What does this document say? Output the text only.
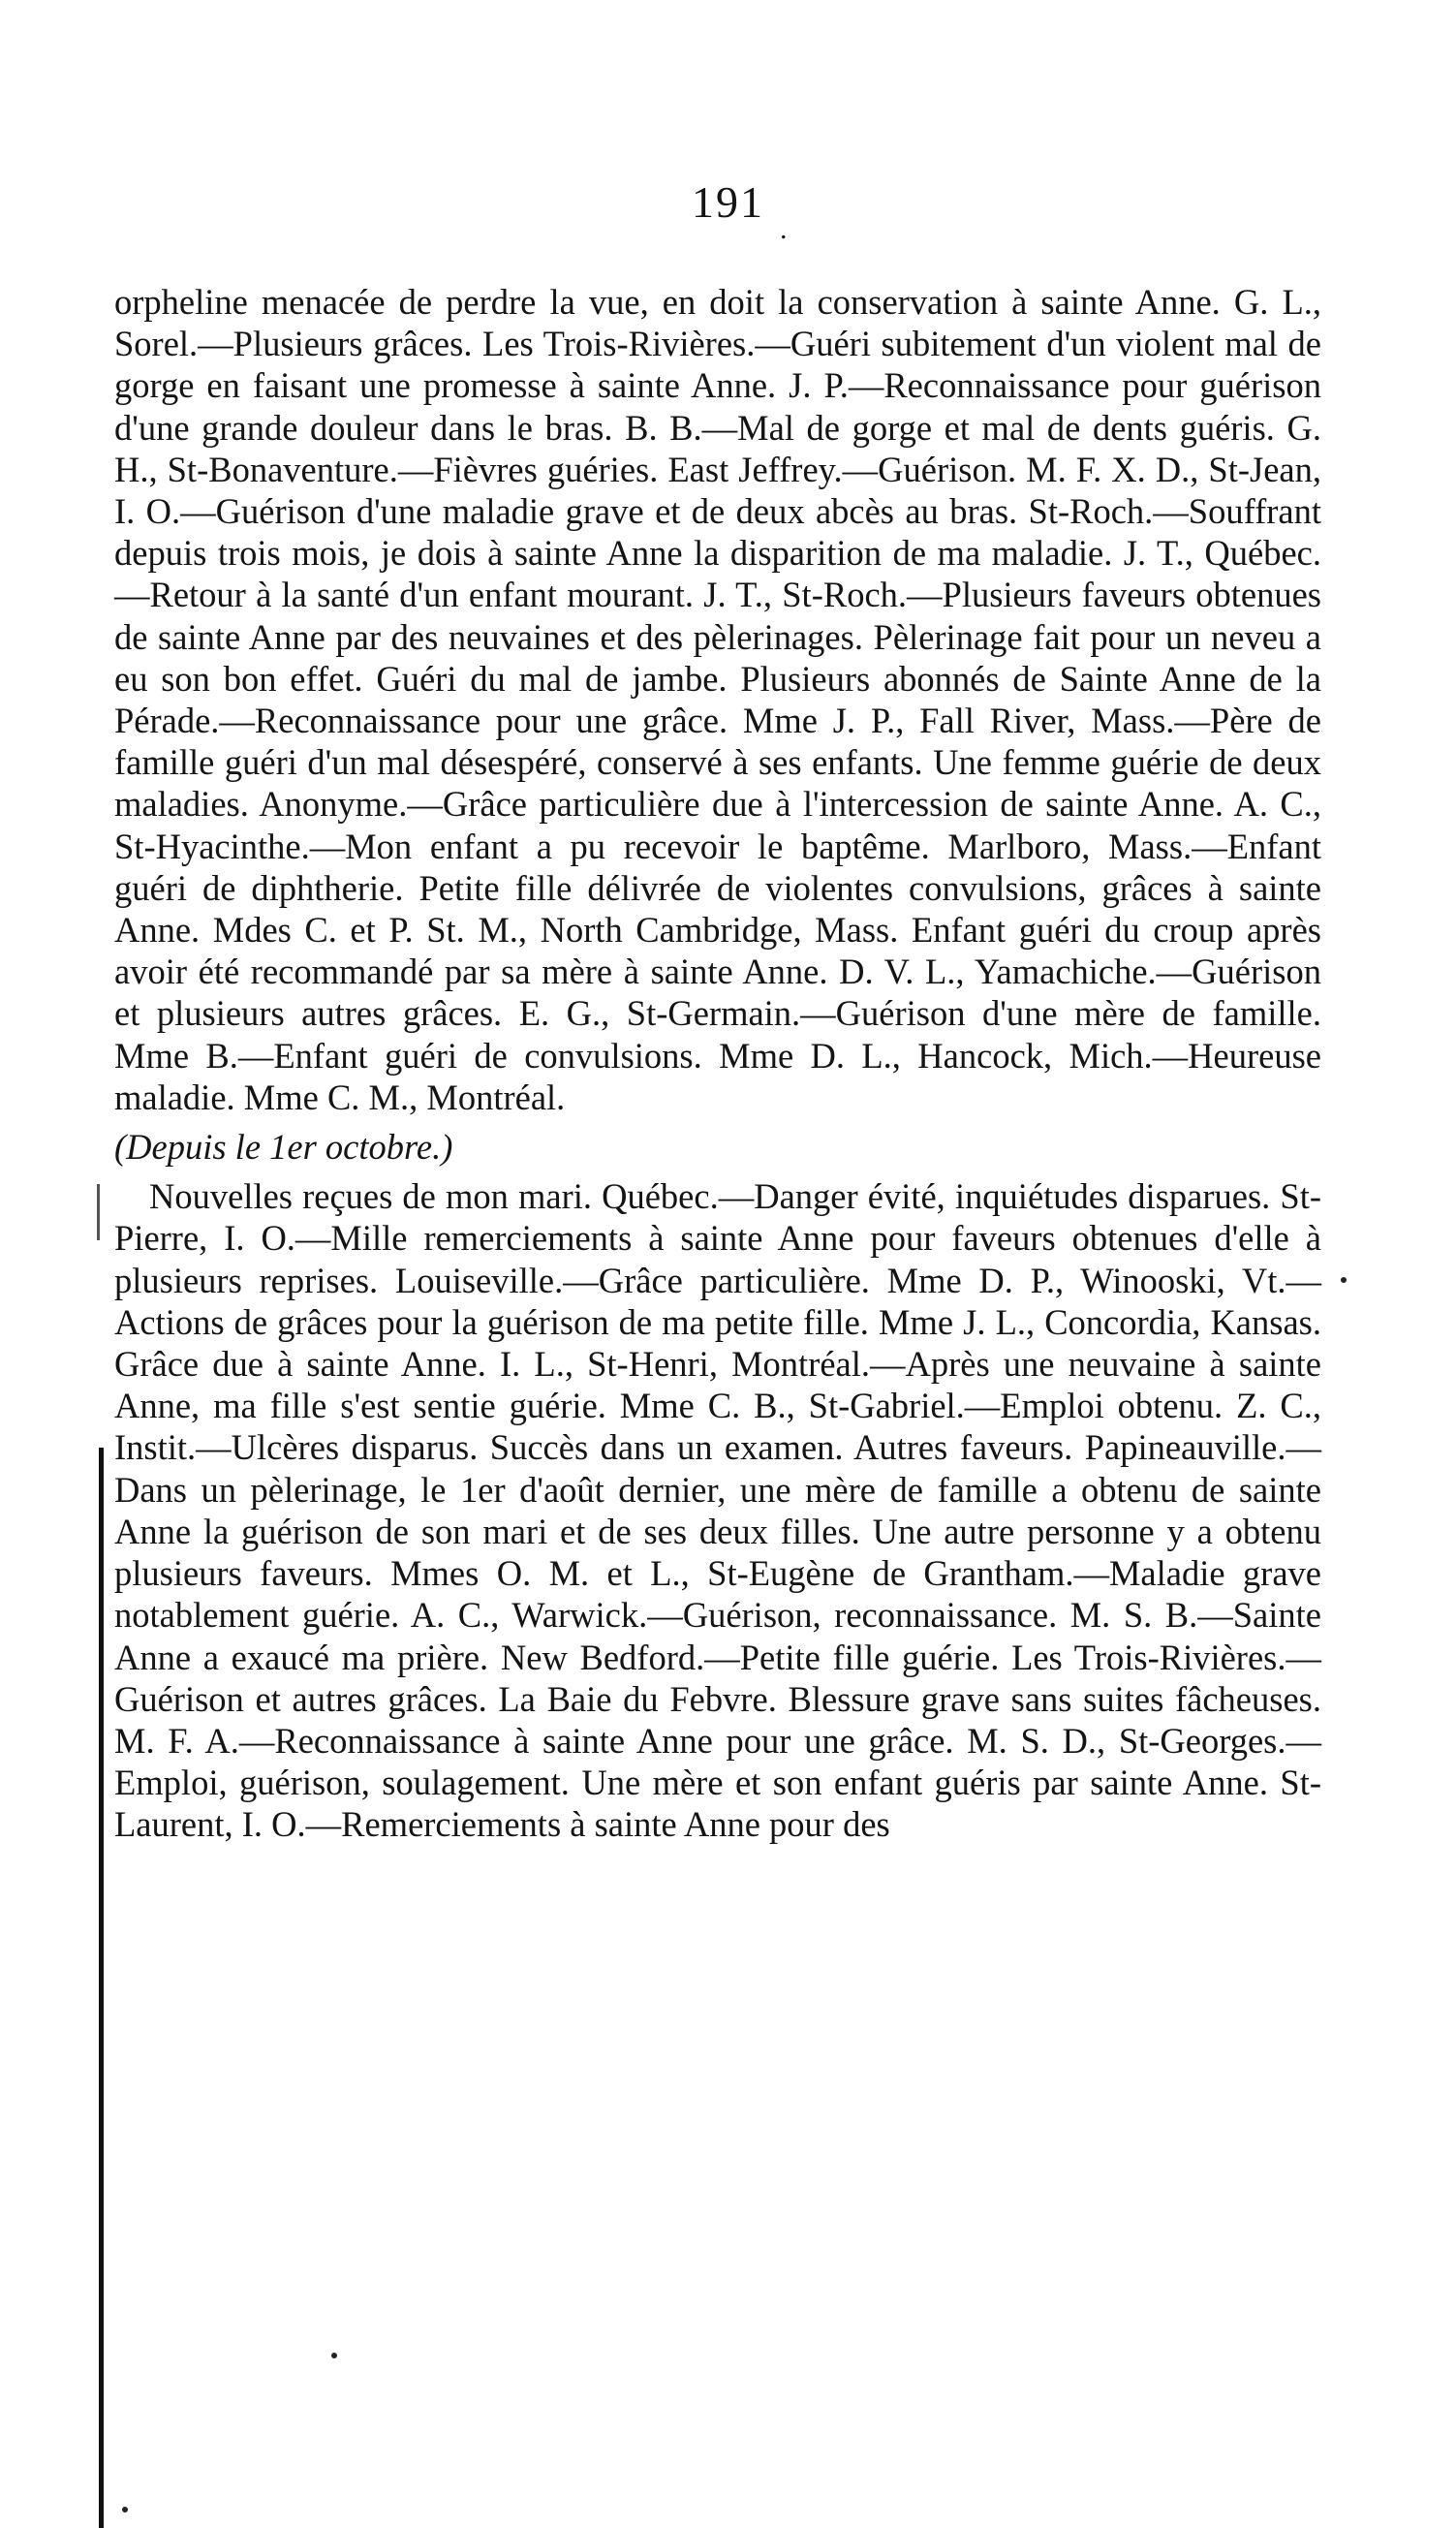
191
.

orpheline menacée de perdre la vue, en doit la conservation à sainte Anne. G. L., Sorel.—Plusieurs grâces. Les Trois-Rivières.—Guéri subitement d'un violent mal de gorge en faisant une promesse à sainte Anne. J. P.—Reconnaissance pour guérison d'une grande douleur dans le bras. B. B.—Mal de gorge et mal de dents guéris. G. H., St-Bonaventure.—Fièvres guéries. East Jeffrey.—Guérison. M. F. X. D., St-Jean, I. O.—Guérison d'une maladie grave et de deux abcès au bras. St-Roch.—Souffrant depuis trois mois, je dois à sainte Anne la disparition de ma maladie. J. T., Québec.—Retour à la santé d'un enfant mourant. J. T., St-Roch.—Plusieurs faveurs obtenues de sainte Anne par des neuvaines et des pèlerinages. Pèlerinage fait pour un neveu a eu son bon effet. Guéri du mal de jambe. Plusieurs abonnés de Sainte Anne de la Pérade.—Reconnaissance pour une grâce. Mme J. P., Fall River, Mass.—Père de famille guéri d'un mal désespéré, conservé à ses enfants. Une femme guérie de deux maladies. Anonyme.—Grâce particulière due à l'intercession de sainte Anne. A. C., St-Hyacinthe.—Mon enfant a pu recevoir le baptême. Marlboro, Mass.—Enfant guéri de diphtherie. Petite fille délivrée de violentes convulsions, grâces à sainte Anne. Mdes C. et P. St. M., North Cambridge, Mass. Enfant guéri du croup après avoir été recommandé par sa mère à sainte Anne. D. V. L., Yamachiche.—Guérison et plusieurs autres grâces. E. G., St-Germain.—Guérison d'une mère de famille. Mme B.—Enfant guéri de convulsions. Mme D. L., Hancock, Mich.—Heureuse maladie. Mme C. M., Montréal.

(Depuis le 1er octobre.)

Nouvelles reçues de mon mari. Québec.—Danger évité, inquiétudes disparues. St-Pierre, I. O.—Mille remerciements à sainte Anne pour faveurs obtenues d'elle à plusieurs reprises. Louiseville.—Grâce particulière. Mme D. P., Winooski, Vt.—Actions de grâces pour la guérison de ma petite fille. Mme J. L., Concordia, Kansas. Grâce due à sainte Anne. I. L., St-Henri, Montréal.—Après une neuvaine à sainte Anne, ma fille s'est sentie guérie. Mme C. B., St-Gabriel.—Emploi obtenu. Z. C., Instit.—Ulcères disparus. Succès dans un examen. Autres faveurs. Papineauville.—Dans un pèlerinage, le 1er d'août dernier, une mère de famille a obtenu de sainte Anne la guérison de son mari et de ses deux filles. Une autre personne y a obtenu plusieurs faveurs. Mmes O. M. et L., St-Eugène de Grantham.—Maladie grave notablement guérie. A. C., Warwick.—Guérison, reconnaissance. M. S. B.—Sainte Anne a exaucé ma prière. New Bedford.—Petite fille guérie. Les Trois-Rivières.—Guérison et autres grâces. La Baie du Febvre. Blessure grave sans suites fâcheuses. M. F. A.—Reconnaissance à sainte Anne pour une grâce. M. S. D., St-Georges.—Emploi, guérison, soulagement. Une mère et son enfant guéris par sainte Anne. St-Laurent, I. O.—Remerciements à sainte Anne pour des
